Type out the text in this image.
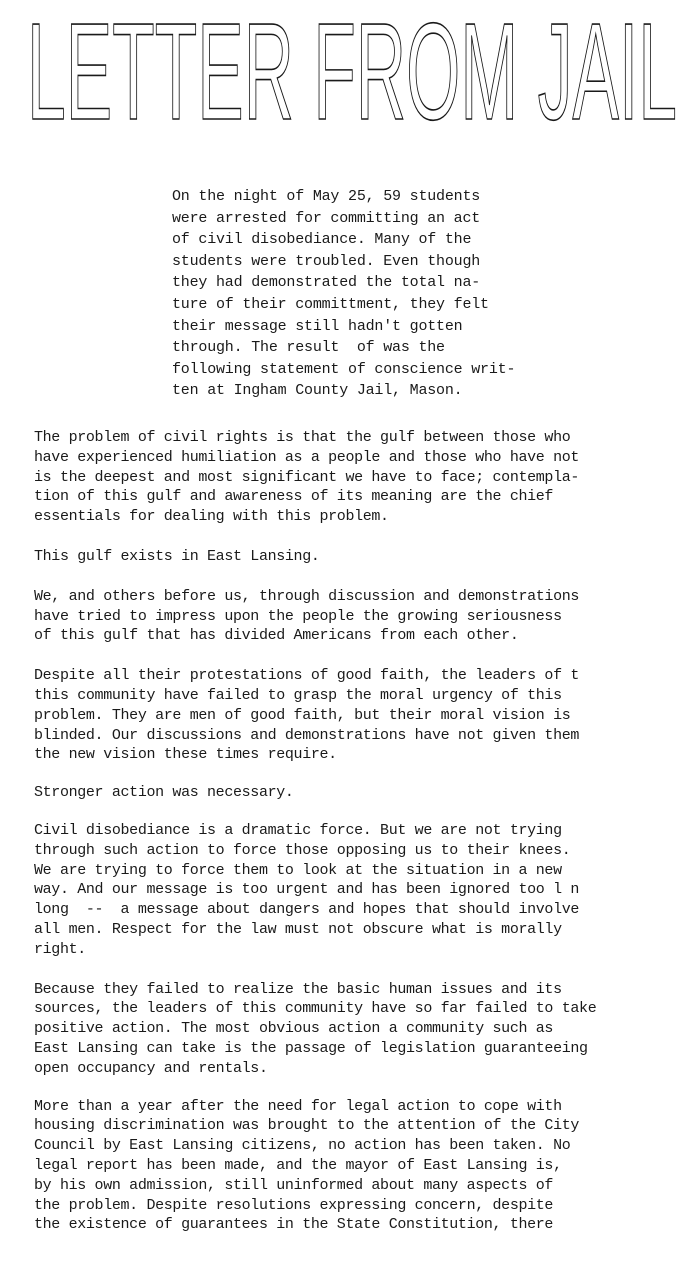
LETTER FROM JAIL
On the night of May 25, 59 students
were arrested for committing an act
of civil disobediance. Many of the
students were troubled. Even though
they had demonstrated the total na-
ture of their committment, they felt
their message still hadn't gotten
through. The result  of was the
following statement of conscience writ-
ten at Ingham County Jail, Mason.
The problem of civil rights is that the gulf between those who
have experienced humiliation as a people and those who have not
is the deepest and most significant we have to face; contempla-
tion of this gulf and awareness of its meaning are the chief
essentials for dealing with this problem.
This gulf exists in East Lansing.
We, and others before us, through discussion and demonstrations
have tried to impress upon the people the growing seriousness
of this gulf that has divided Americans from each other.
Despite all their protestations of good faith, the leaders of t
this community have failed to grasp the moral urgency of this
problem. They are men of good faith, but their moral vision is
blinded. Our discussions and demonstrations have not given them
the new vision these times require.
Stronger action was necessary.
Civil disobediance is a dramatic force. But we are not trying
through such action to force those opposing us to their knees.
We are trying to force them to look at the situation in a new
way. And our message is too urgent and has been ignored too l n
long  --  a message about dangers and hopes that should involve
all men. Respect for the law must not obscure what is morally
right.
Because they failed to realize the basic human issues and its
sources, the leaders of this community have so far failed to take
positive action. The most obvious action a community such as
East Lansing can take is the passage of legislation guaranteeing
open occupancy and rentals.
More than a year after the need for legal action to cope with
housing discrimination was brought to the attention of the City
Council by East Lansing citizens, no action has been taken. No
legal report has been made, and the mayor of East Lansing is,
by his own admission, still uninformed about many aspects of
the problem. Despite resolutions expressing concern, despite
the existence of guarantees in the State Constitution, there
